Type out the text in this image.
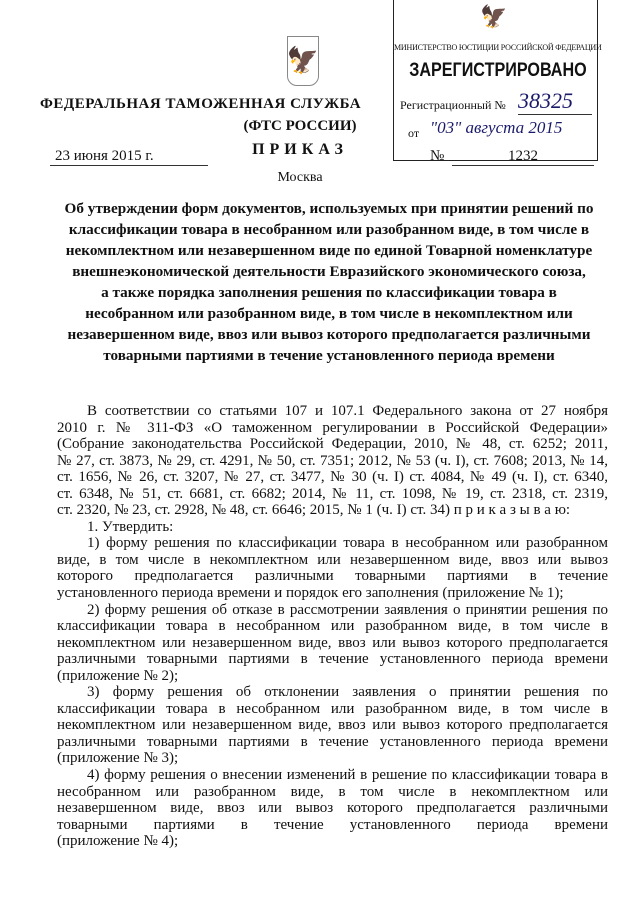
🦅
ФЕДЕРАЛЬНАЯ ТАМОЖЕННАЯ СЛУЖБА
(ФТС РОССИИ)
ПРИКАЗ
23 июня 2015 г.	№	1232
Москва
🦅
МИНИСТЕРСТВО ЮСТИЦИИ РОССИЙСКОЙ ФЕДЕРАЦИИ
ЗАРЕГИСТРИРОВАНО
Регистрационный № 38325
от "03" августа 2015
Об утверждении форм документов, используемых при принятии решений по
классификации товара в несобранном или разобранном виде, в том числе в
некомплектном или незавершенном виде по единой Товарной номенклатуре
внешнеэкономической деятельности Евразийского экономического союза,
а также порядка заполнения решения по классификации товара в
несобранном или разобранном виде, в том числе в некомплектном или
незавершенном виде, ввоз или вывоз которого предполагается различными
товарными партиями в течение установленного периода времени
В соответствии со статьями 107 и 107.1 Федерального закона от 27 ноября
2010 г. № 311-ФЗ «О таможенном регулировании в Российской Федерации»
(Собрание законодательства Российской Федерации, 2010, № 48, ст. 6252; 2011,
№ 27, ст. 3873, № 29, ст. 4291, № 50, ст. 7351; 2012, № 53 (ч. I), ст. 7608; 2013, № 14,
ст. 1656, № 26, ст. 3207, № 27, ст. 3477, № 30 (ч. I) ст. 4084, № 49 (ч. I), ст. 6340,
ст. 6348, № 51, ст. 6681, ст. 6682; 2014, № 11, ст. 1098, № 19, ст. 2318, ст. 2319,
ст. 2320, № 23, ст. 2928, № 48, ст. 6646; 2015, № 1 (ч. I) ст. 34) п р и к а з ы в а ю:
1. Утвердить:
1) форму решения по классификации товара в несобранном или разобранном
виде, в том числе в некомплектном или незавершенном виде, ввоз или вывоз
которого предполагается различными товарными партиями в течение
установленного периода времени и порядок его заполнения (приложение № 1);
2) форму решения об отказе в рассмотрении заявления о принятии решения по
классификации товара в несобранном или разобранном виде, в том числе в
некомплектном или незавершенном виде, ввоз или вывоз которого предполагается
различными товарными партиями в течение установленного периода времени
(приложение № 2);
3) форму решения об отклонении заявления о принятии решения по
классификации товара в несобранном или разобранном виде, в том числе в
некомплектном или незавершенном виде, ввоз или вывоз которого предполагается
различными товарными партиями в течение установленного периода времени
(приложение № 3);
4) форму решения о внесении изменений в решение по классификации товара в
несобранном или разобранном виде, в том числе в некомплектном или
незавершенном виде, ввоз или вывоз которого предполагается различными
товарными партиями в течение установленного периода времени
(приложение № 4);
